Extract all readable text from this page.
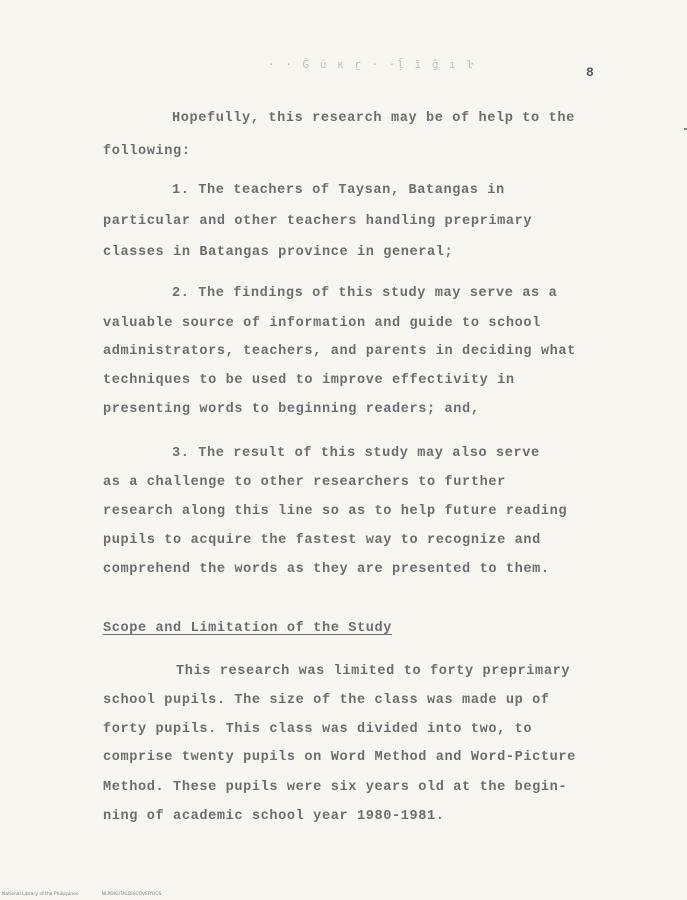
· · Ĝ ŭ ĸ ṟ · ·ḹ ī ĝ ı ŀ
8
Hopefully, this research may be of help to the
following:
1. The teachers of Taysan, Batangas in
particular and other teachers handling preprimary
classes in Batangas province in general;
2. The findings of this study may serve as a
valuable source of information and guide to school
administrators, teachers, and parents in deciding what
techniques to be used to improve effectivity in
presenting words to beginning readers; and,
3. The result of this study may also serve
as a challenge to other researchers to further
research along this line so as to help future reading
pupils to acquire the fastest way to recognize and
comprehend the words as they are presented to them.
Scope and Limitation of the Study
This research was limited to forty preprimary
school pupils. The size of the class was made up of
forty pupils. This class was divided into two, to
comprise twenty pupils on Word Method and Word-Picture
Method. These pupils were six years old at the begin-
ning of academic school year 1980-1981.
National Library of the Philippines	NLPDIGITALDISCOVERY.ICS
